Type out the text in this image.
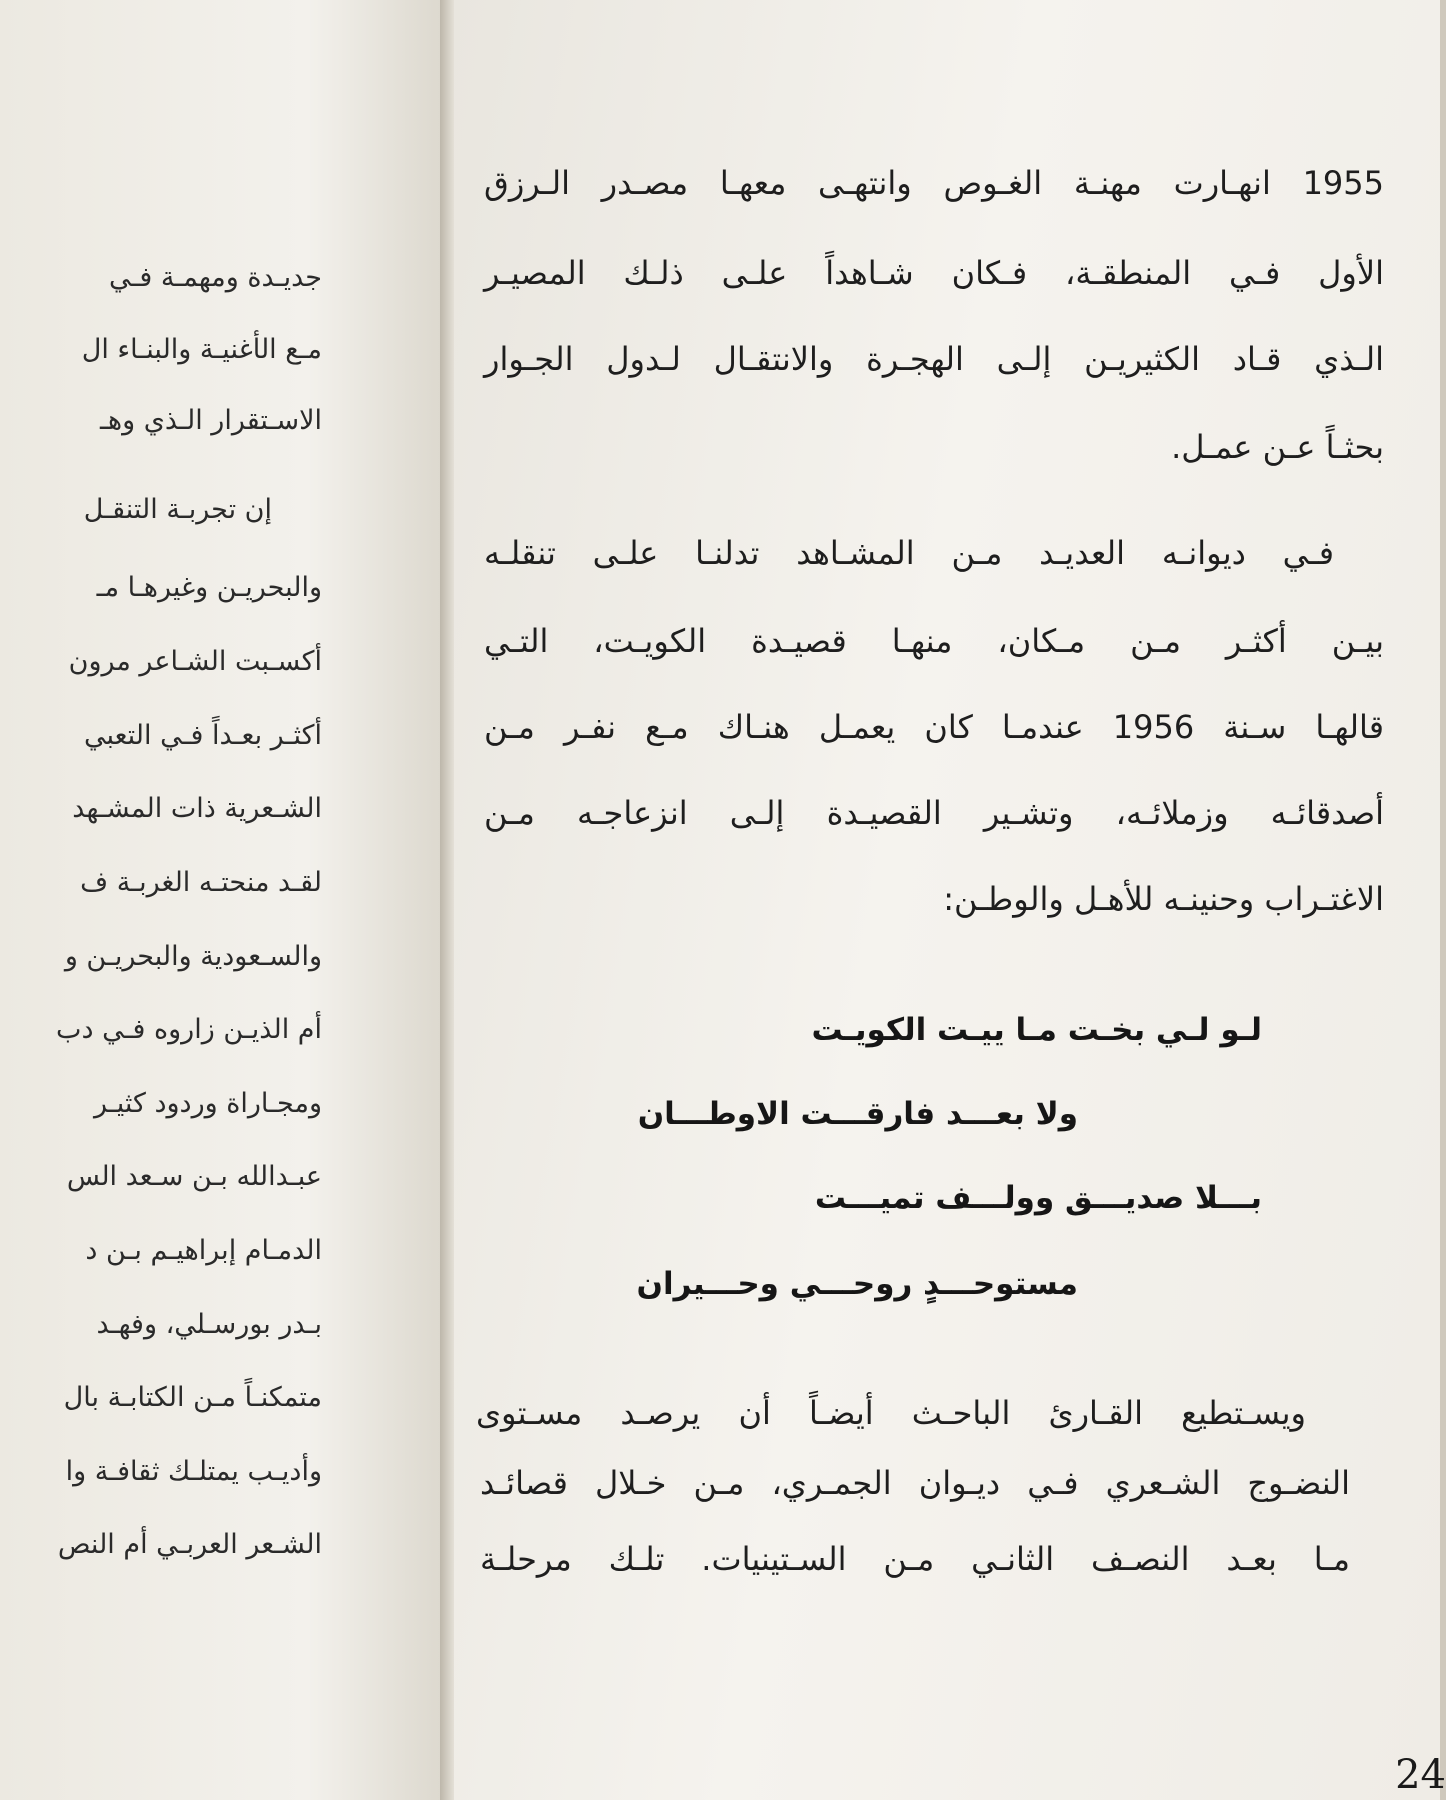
جديـدة ومهمـة فـي
مـع الأغنيـة والبنـاء ال
الاسـتقرار الـذي وهـ
إن تجربـة التنقـل
والبحريـن وغيرهـا مـ
أكسـبت الشـاعر مرون
أكثـر بعـداً فـي التعبي
الشـعرية ذات المشـهد
لقـد منحتـه الغربـة ف
والسـعودية والبحريـن و
أم الذيـن زاروه فـي دب
ومجـاراة وردود كثيـر
عبـدالله بـن سـعد الس
الدمـام إبراهيـم بـن د
بـدر بورسـلي، وفهـد
متمكنـاً مـن الكتابـة بال
وأديـب يمتلـك ثقافـة وا
الشـعر العربـي أم النص

1955 انهـارت مهنـة الغـوص وانتهـى معهـا مصـدر الـرزق

الأول فـي المنطقـة، فـكان شـاهداً علـى ذلـك المصيـر

الـذي قـاد الكثيريـن إلـى الهجـرة والانتقـال لـدول الجـوار

بحثـاً عـن عمـل.

فـي ديوانـه العديـد مـن المشـاهد تدلنـا علـى تنقلـه

بيـن أكثـر مـن مـكان، منهـا قصيـدة الكويـت، التـي

قالهـا سـنة 1956 عندمـا كان يعمـل هنـاك مـع نفـر مـن

أصدقائـه وزملائـه، وتشـير القصيـدة إلـى انزعاجـه مـن

الاغتـراب وحنينـه للأهـل والوطـن:

لـو لـي بخـت مـا ييـت الكويـت

ولا بعـــد فارقـــت الاوطـــان

بـــلا صديـــق وولـــف تميـــت

مستوحـــدٍ روحـــي وحـــيران

ويسـتطيع القـارئ الباحـث أيضـاً أن يرصـد مسـتوى

النضـوج الشـعري فـي ديـوان الجمـري، مـن خـلال قصائـد

مـا بعـد النصـف الثانـي مـن السـتينيات. تلـك مرحلـة

24
